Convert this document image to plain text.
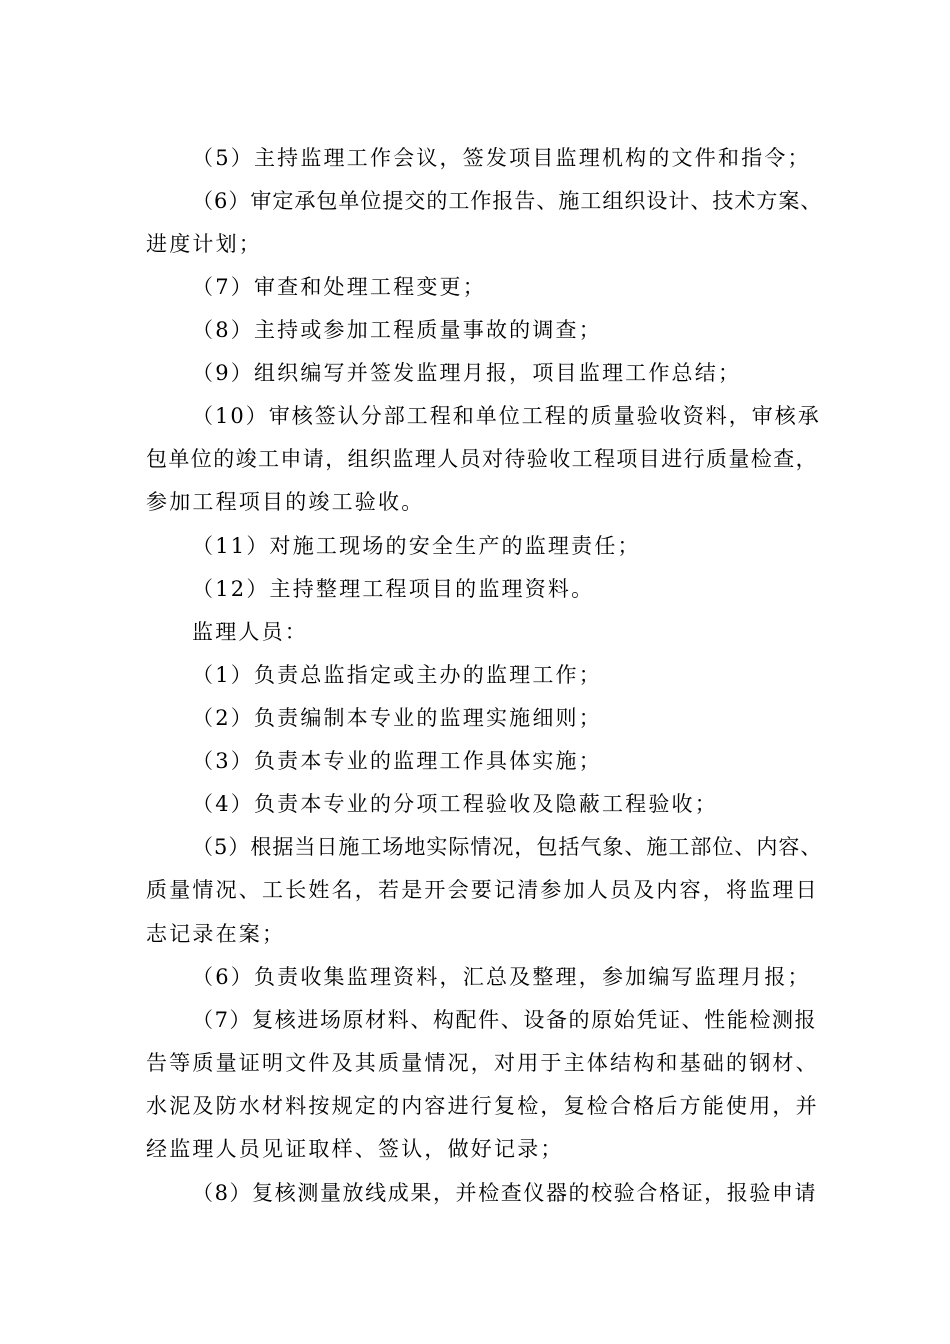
（5）主持监理工作会议，签发项目监理机构的文件和指令；

（6）审定承包单位提交的工作报告、施工组织设计、技术方案、

进度计划；

（7）审查和处理工程变更；

（8）主持或参加工程质量事故的调查；

（9）组织编写并签发监理月报，项目监理工作总结；

（10）审核签认分部工程和单位工程的质量验收资料，审核承

包单位的竣工申请，组织监理人员对待验收工程项目进行质量检查，

参加工程项目的竣工验收。

（11）对施工现场的安全生产的监理责任；

（12）主持整理工程项目的监理资料。

监理人员：

（1）负责总监指定或主办的监理工作；

（2）负责编制本专业的监理实施细则；

（3）负责本专业的监理工作具体实施；

（4）负责本专业的分项工程验收及隐蔽工程验收；

（5）根据当日施工场地实际情况，包括气象、施工部位、内容、

质量情况、工长姓名，若是开会要记清参加人员及内容，将监理日

志记录在案；

（6）负责收集监理资料，汇总及整理，参加编写监理月报；

（7）复核进场原材料、构配件、设备的原始凭证、性能检测报

告等质量证明文件及其质量情况，对用于主体结构和基础的钢材、

水泥及防水材料按规定的内容进行复检，复检合格后方能使用，并

经监理人员见证取样、签认，做好记录；

（8）复核测量放线成果，并检查仪器的校验合格证，报验申请
